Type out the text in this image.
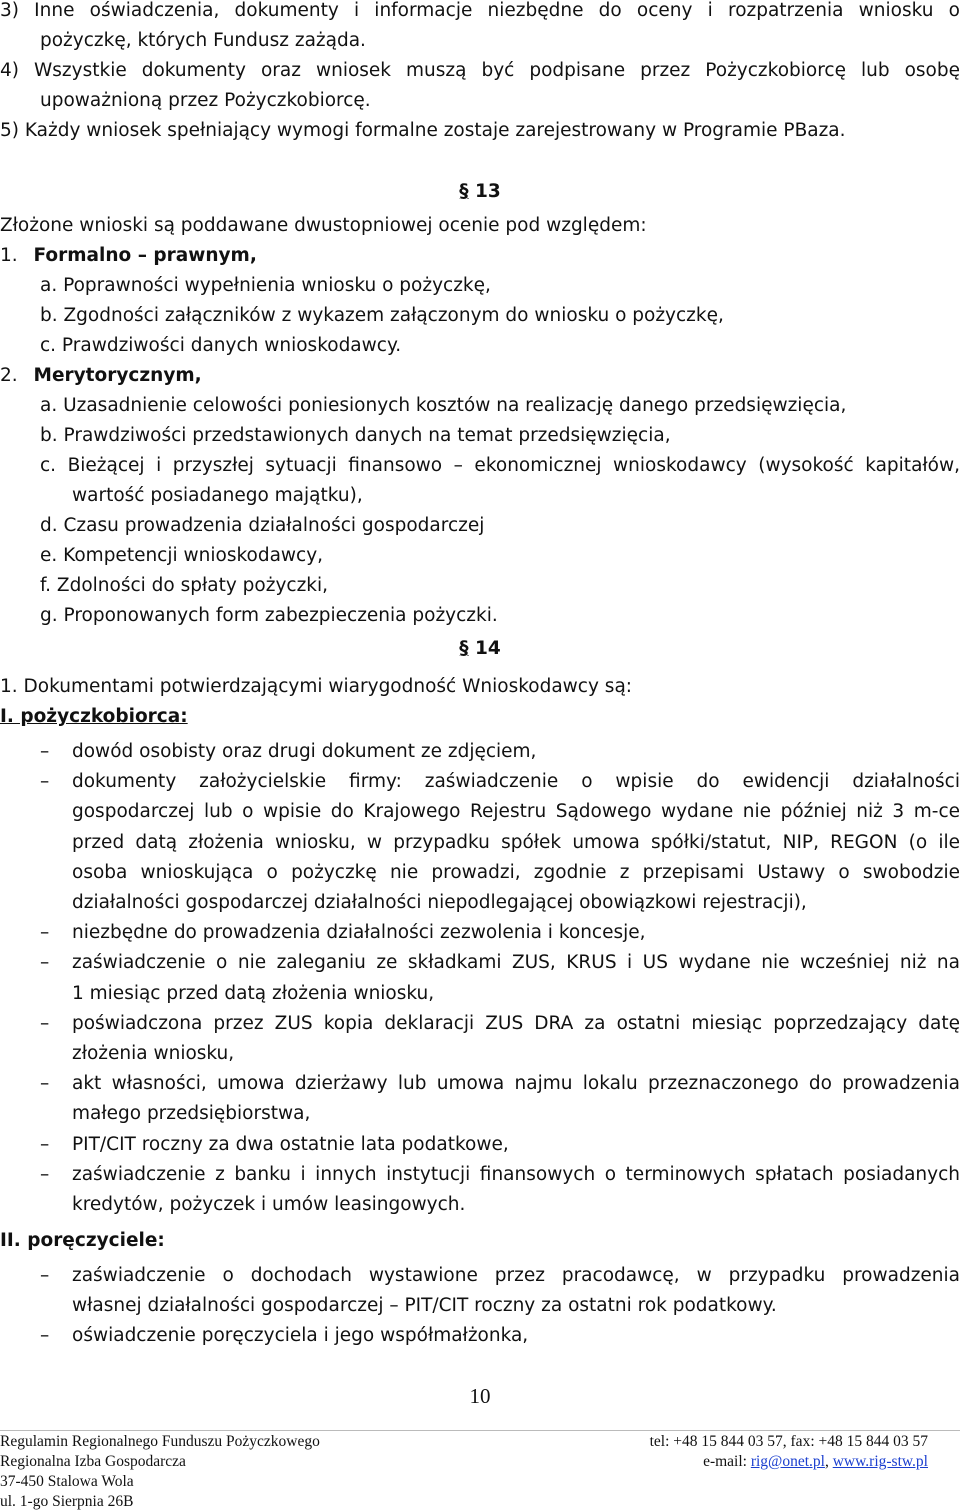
3) Inne oświadczenia, dokumenty i informacje niezbędne do oceny i rozpatrzenia wniosku o
pożyczkę, których Fundusz zażąda.
4) Wszystkie dokumenty oraz wniosek muszą być podpisane przez Pożyczkobiorcę lub osobę
upoważnioną przez Pożyczkobiorcę.
5) Każdy wniosek spełniający wymogi formalne zostaje zarejestrowany w Programie PBaza.
§ 13
Złożone wnioski są poddawane dwustopniowej ocenie pod względem:
1. Formalno – prawnym,
a. Poprawności wypełnienia wniosku o pożyczkę,
b. Zgodności załączników z wykazem załączonym do wniosku o pożyczkę,
c. Prawdziwości danych wnioskodawcy.
2. Merytorycznym,
a. Uzasadnienie celowości poniesionych kosztów na realizację danego przedsięwzięcia,
b. Prawdziwości przedstawionych danych na temat przedsięwzięcia,
c. Bieżącej i przyszłej sytuacji finansowo – ekonomicznej wnioskodawcy (wysokość kapitałów,
wartość posiadanego majątku),
d. Czasu prowadzenia działalności gospodarczej
e. Kompetencji wnioskodawcy,
f. Zdolności do spłaty pożyczki,
g. Proponowanych form zabezpieczenia pożyczki.
§ 14
1. Dokumentami potwierdzającymi wiarygodność Wnioskodawcy są:
I. pożyczkobiorca:
–	dowód osobisty oraz drugi dokument ze zdjęciem,
–	dokumenty założycielskie firmy: zaświadczenie o wpisie do ewidencji działalności
gospodarczej lub o wpisie do Krajowego Rejestru Sądowego wydane nie później niż 3 m-ce
przed datą złożenia wniosku, w przypadku spółek umowa spółki/statut, NIP, REGON (o ile
osoba wnioskująca o pożyczkę nie prowadzi, zgodnie z przepisami Ustawy o swobodzie
działalności gospodarczej działalności niepodlegającej obowiązkowi rejestracji),
–	niezbędne do prowadzenia działalności zezwolenia i koncesje,
–	zaświadczenie o nie zaleganiu ze składkami ZUS, KRUS i US wydane nie wcześniej niż na
1 miesiąc przed datą złożenia wniosku,
–	poświadczona przez ZUS kopia deklaracji ZUS DRA za ostatni miesiąc poprzedzający datę
złożenia wniosku,
–	akt własności, umowa dzierżawy lub umowa najmu lokalu przeznaczonego do prowadzenia
małego przedsiębiorstwa,
–	PIT/CIT roczny za dwa ostatnie lata podatkowe,
–	zaświadczenie z banku i innych instytucji finansowych o terminowych spłatach posiadanych
kredytów, pożyczek i umów leasingowych.
II. poręczyciele:
–	zaświadczenie o dochodach wystawione przez pracodawcę, w przypadku prowadzenia
własnej działalności gospodarczej – PIT/CIT roczny za ostatni rok podatkowy.
–	oświadczenie poręczyciela i jego współmałżonka,
10
Regulamin Regionalnego Funduszu Pożyczkowego
Regionalna Izba Gospodarcza
37-450 Stalowa Wola
ul. 1-go Sierpnia 26B
tel: +48 15 844 03 57, fax: +48 15 844 03 57
e-mail: rig@onet.pl, www.rig-stw.pl
